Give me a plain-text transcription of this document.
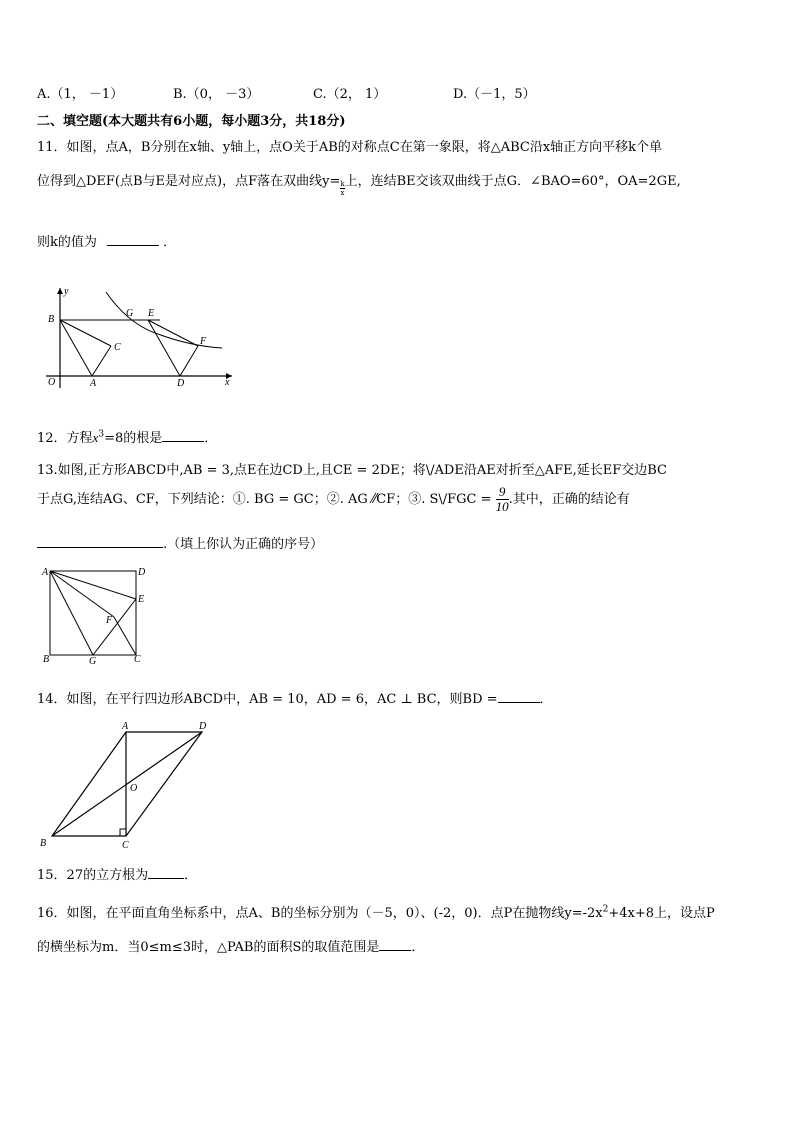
A.（1， －1）	B.（0， －3）	C.（2， 1）	D.（－1，5）
二、填空题(本大题共有6小题，每小题3分，共18分)
11．如图，点A，B分别在x轴、y轴上，点O关于AB的对称点C在第一象限，将△ABC沿x轴正方向平移k个单
位得到△DEF(点B与E是对应点)，点F落在双曲线$y= \frac{k}{x}$上，连结BE交该双曲线于点G．∠BAO=60°，OA=2GE,
则k的值为	．
y
B
G E
C
F
O	A	D	x
12．方程$x^3=8$的根是	．
13.如图,正方形ABCD中,AB = 3,点E在边CD上,且CE = 2DE；将\/ADE沿AE对折至△AFE,延长EF交边BC
于点G,连结AG、CF，下列结论：①. BG = GC；②. AG ⁄⁄CF；③. S\/FGC = $\frac{9}{10}$ .其中，正确的结论有
.（填上你认为正确的序号）
A	D
E
F
B	G	C
14．如图，在平行四边形ABCD中，AB = 10，AD = 6，AC ⊥ BC，则BD =	．
A	D
O
B	C
15．27的立方根为	．
16．如图，在平面直角坐标系中，点A、B的坐标分别为（－5，0）、(-2，0)．点P在抛物线$y=-2x^2+4x+8$上，设点P
的横坐标为m．当0≤m≤3时，△PAB的面积S的取值范围是 ．
